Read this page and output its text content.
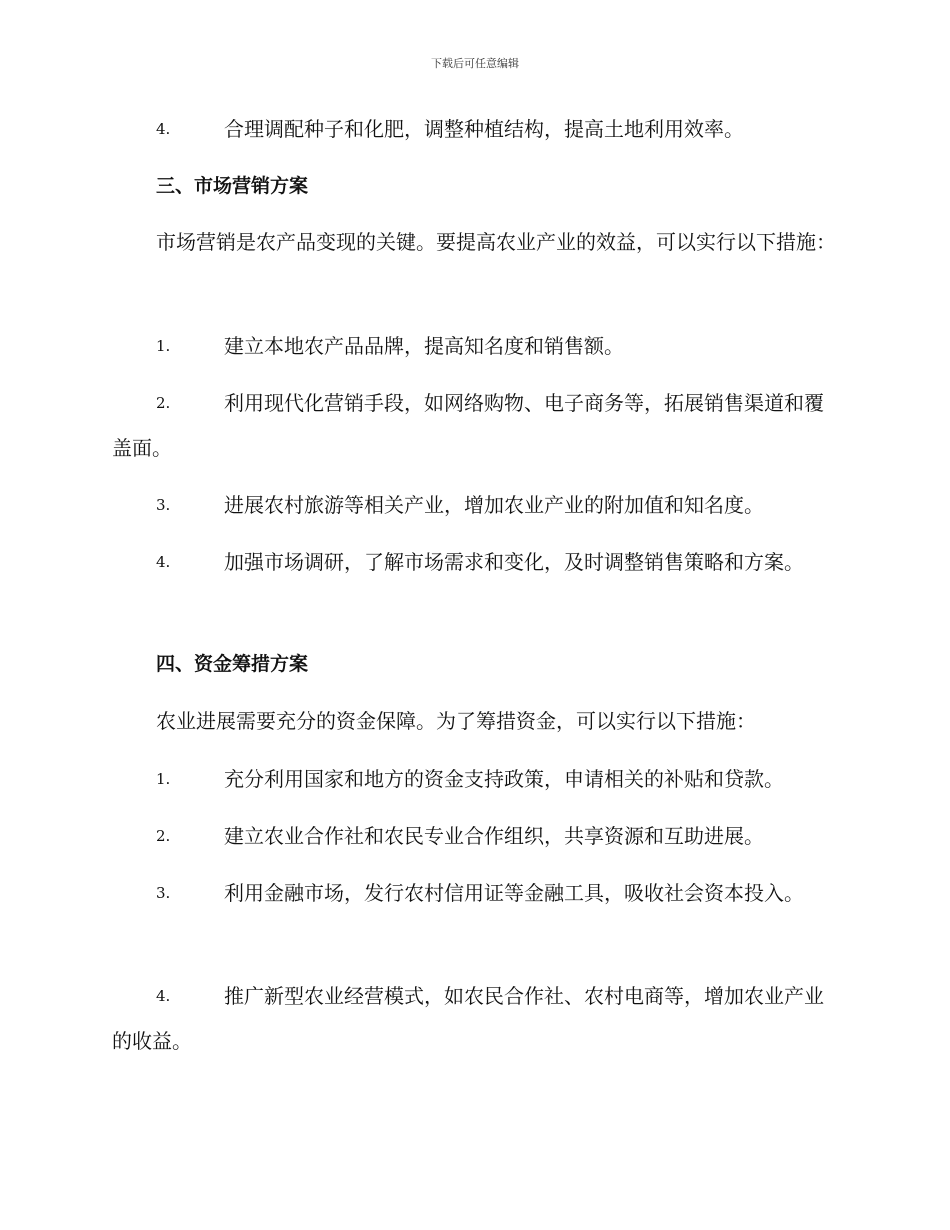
下载后可任意编辑
4.	合理调配种子和化肥，调整种植结构，提高土地利用效率。
三、市场营销方案
市场营销是农产品变现的关键。要提高农业产业的效益，可以实行以下措施：
1.	建立本地农产品品牌，提高知名度和销售额。
2.	利用现代化营销手段，如网络购物、电子商务等，拓展销售渠道和覆盖面。
3.	进展农村旅游等相关产业，增加农业产业的附加值和知名度。
4.	加强市场调研，了解市场需求和变化，及时调整销售策略和方案。
四、资金筹措方案
农业进展需要充分的资金保障。为了筹措资金，可以实行以下措施：
1.	充分利用国家和地方的资金支持政策，申请相关的补贴和贷款。
2.	建立农业合作社和农民专业合作组织，共享资源和互助进展。
3.	利用金融市场，发行农村信用证等金融工具，吸收社会资本投入。
4.	推广新型农业经营模式，如农民合作社、农村电商等，增加农业产业的收益。
